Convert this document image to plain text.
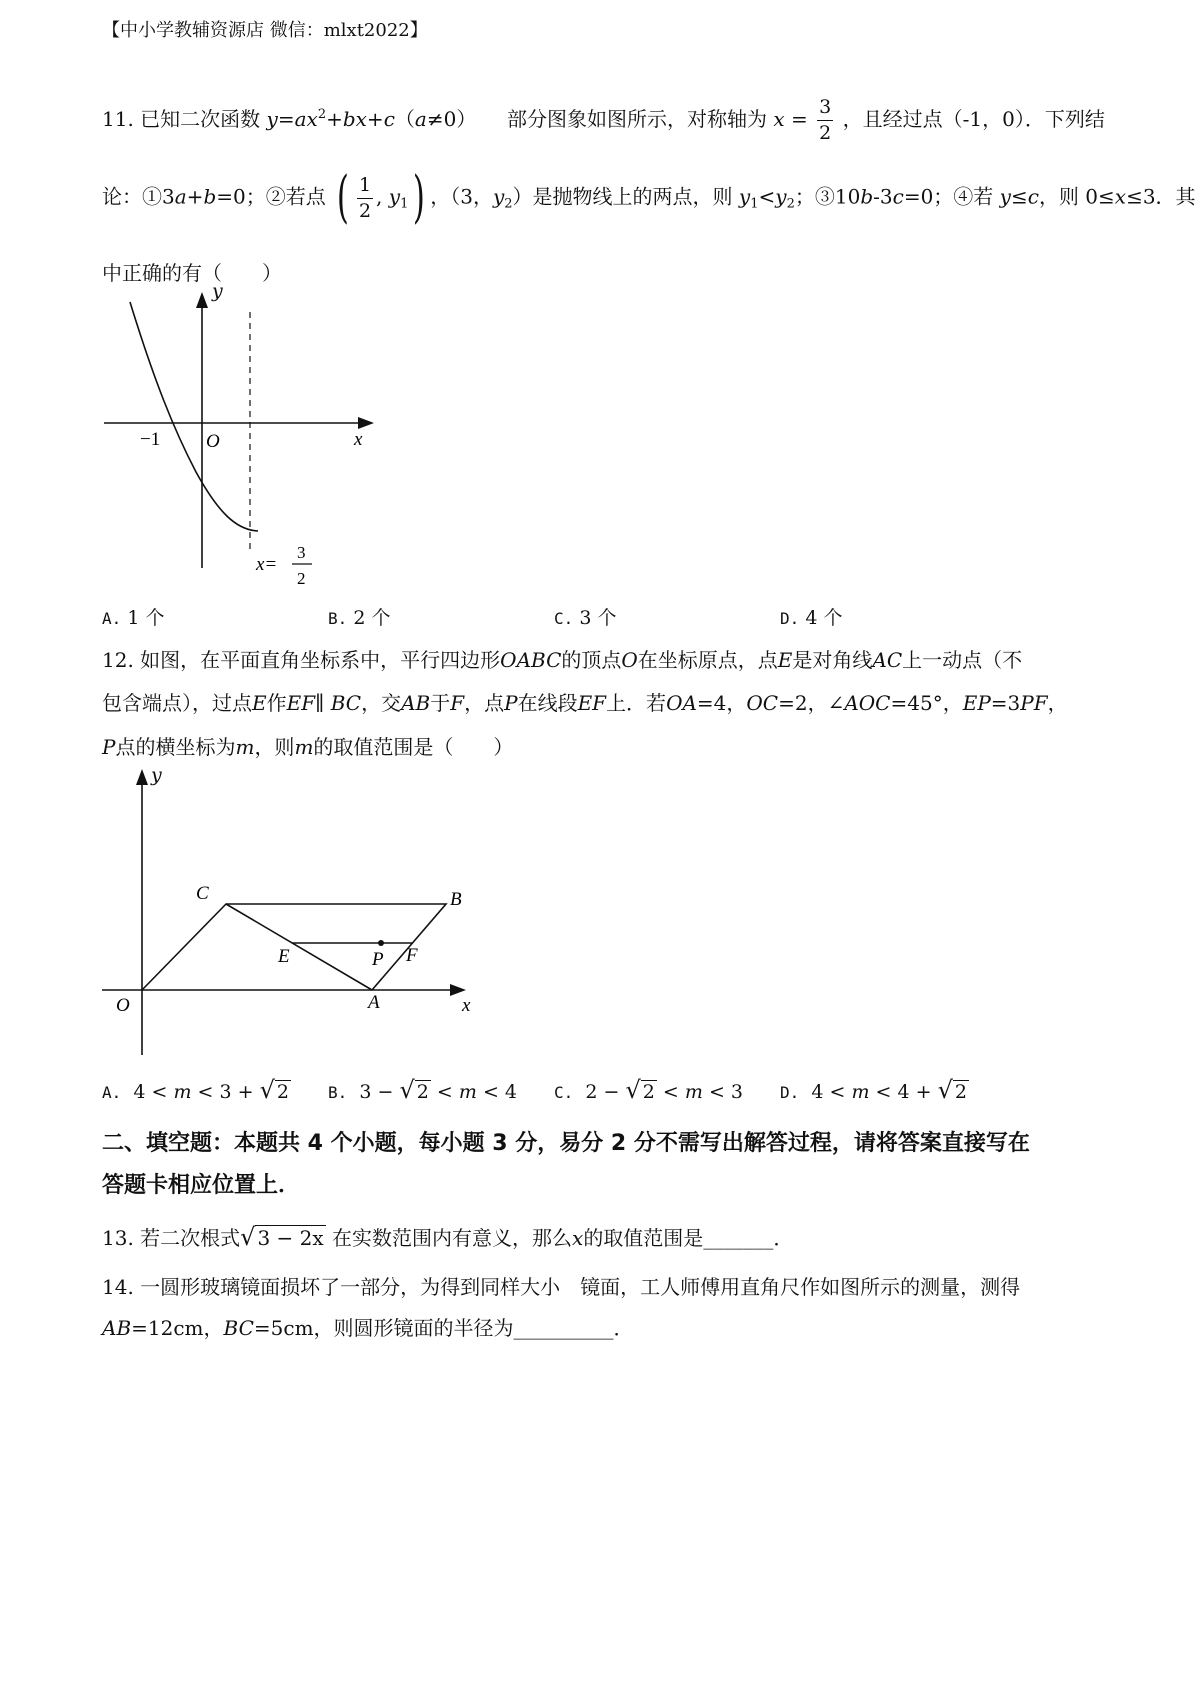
【中小学教辅资源店 微信：mlxt2022】
11. 已知二次函数 $y=ax^2+bx+c(a\ne 0)$ 部分图象如图所示，对称轴为 $x = \frac{3}{2}$ ，且经过点（-1，0）．下列结
论：①3a+b=0；②若点 ( $\frac{1}{2}$ , $y_1$) ，（3，$y_2$）是抛物线上的两点，则 $y_1<y_2$；③10b-3c=0；④若 y≤c，则 0≤x≤3．其
中正确的有（　　）
x
O
−1
x=
3
2
y
A. 1 个	B. 2 个	C. 3 个	D. 4 个
12. 如图，在平面直角坐标系中，平行四边形OABC的顶点O在坐标原点，点E是对角线AC上一动点（不
包含端点），过点E作EF∥ BC，交AB于F，点P在线段EF上．若OA=4，OC=2，∠AOC=45°，EP=3PF，
P点的横坐标为m，则m的取值范围是（　　）
x
O	A
B
C
E	F
P
y
A. 4 < m < 3 + √ 2 B. 3 − √ 2 < m < 4 C. 2 − √ 2 < m < 3 D. 4 < m < 4 + √ 2
二、填空题：本题共 4 个小题，每小题 3 分，易分 2 分不需写出解答过程，请将答案直接写在
答题卡相应位置上．
13. 若二次根式√ 3 − 2x 在实数范围内有意义，那么x的取值范围是_______．
14. 一圆形玻璃镜面损坏了一部分，为得到同样大小　镜面，工人师傅用直角尺作如图所示的测量，测得
AB=12cm，BC=5cm，则圆形镜面的半径为__________．
